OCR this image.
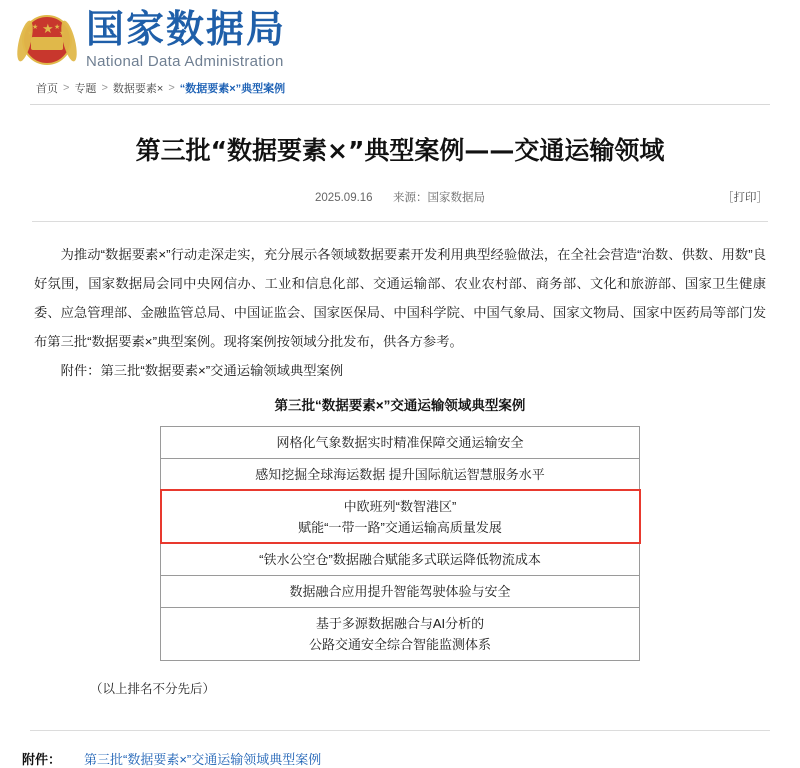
★
★
★
★
★ 国家数据局
National Data Administration
首页 > 专题 > 数据要素× > “数据要素×”典型案例
第三批“数据要素×”典型案例——交通运输领域
2025.09.16 来源：国家数据局	［打印］

为推动“数据要素×”行动走深走实，充分展示各领域数据要素开发利用典型经验做法，在全社会营造“治数、供数、用数”良好氛围，国家数据局会同中央网信办、工业和信息化部、交通运输部、农业农村部、商务部、文化和旅游部、国家卫生健康委、应急管理部、金融监管总局、中国证监会、国家医保局、中国科学院、中国气象局、国家文物局、国家中医药局等部门发布第三批“数据要素×”典型案例。现将案例按领域分批发布，供各方参考。

附件：第三批“数据要素×”交通运输领域典型案例

第三批“数据要素×”交通运输领域典型案例
网格化气象数据实时精准保障交通运输安全
感知挖掘全球海运数据 提升国际航运智慧服务水平

中欧班列“数智港区”
赋能“一带一路”交通运输高质量发展

“铁水公空仓”数据融合赋能多式联运降低物流成本
数据融合应用提升智能驾驶体验与安全

基于多源数据融合与AI分析的
公路交通安全综合智能监测体系
（以上排名不分先后）
附件：	第三批“数据要素×”交通运输领域典型案例
